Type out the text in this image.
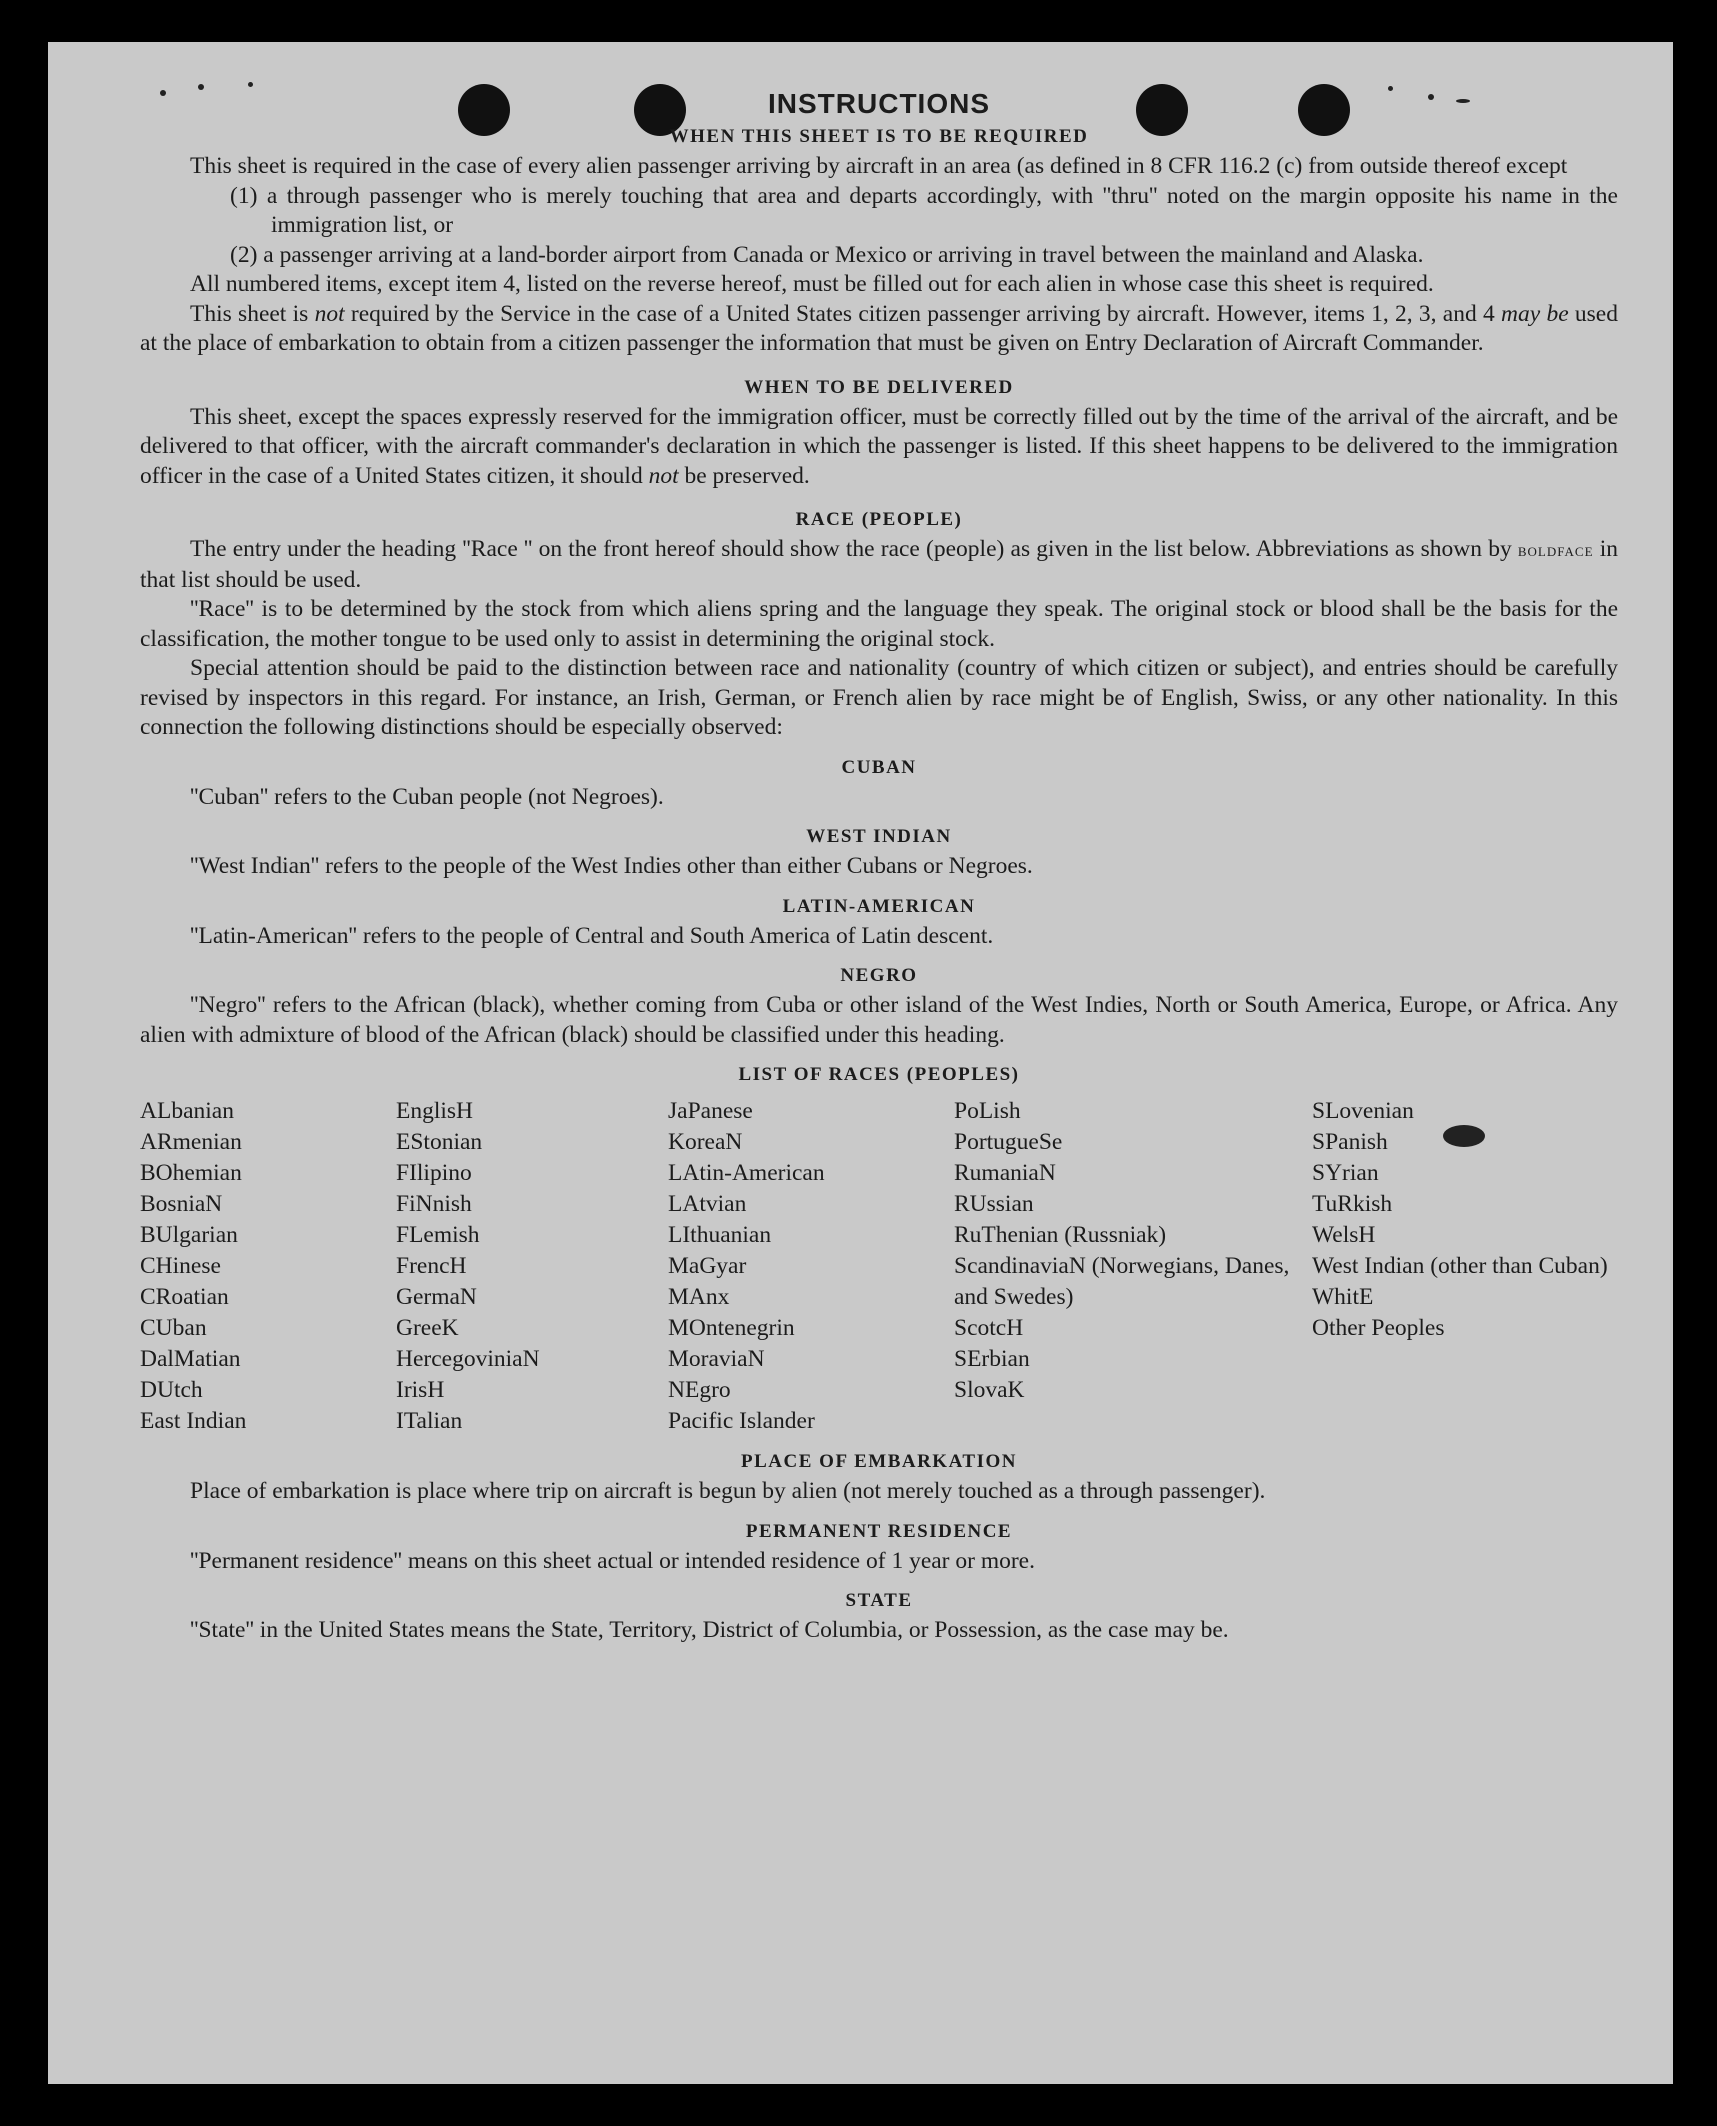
INSTRUCTIONS
WHEN THIS SHEET IS TO BE REQUIRED

This sheet is required in the case of every alien passenger arriving by aircraft in an area (as defined in 8 CFR 116.2 (c) from outside thereof except

(1) a through passenger who is merely touching that area and departs accordingly, with ''thru'' noted on the margin opposite his name in the immigration list, or

(2) a passenger arriving at a land-border airport from Canada or Mexico or arriving in travel between the mainland and Alaska.

All numbered items, except item 4, listed on the reverse hereof, must be filled out for each alien in whose case this sheet is required.

This sheet is not required by the Service in the case of a United States citizen passenger arriving by aircraft. However, items 1, 2, 3, and 4 may be used at the place of embarkation to obtain from a citizen passenger the information that must be given on Entry Declaration of Aircraft Commander.

WHEN TO BE DELIVERED

This sheet, except the spaces expressly reserved for the immigration officer, must be correctly filled out by the time of the arrival of the aircraft, and be delivered to that officer, with the aircraft commander's declaration in which the passenger is listed. If this sheet happens to be delivered to the immigration officer in the case of a United States citizen, it should not be preserved.

RACE (PEOPLE)

The entry under the heading ''Race '' on the front hereof should show the race (people) as given in the list below. Abbreviations as shown by boldface in that list should be used.

''Race'' is to be determined by the stock from which aliens spring and the language they speak. The original stock or blood shall be the basis for the classification, the mother tongue to be used only to assist in determining the original stock.

Special attention should be paid to the distinction between race and nationality (country of which citizen or subject), and entries should be carefully revised by inspectors in this regard. For instance, an Irish, German, or French alien by race might be of English, Swiss, or any other nationality. In this connection the following distinctions should be especially observed:

CUBAN

''Cuban'' refers to the Cuban people (not Negroes).

WEST INDIAN

''West Indian'' refers to the people of the West Indies other than either Cubans or Negroes.

LATIN-AMERICAN

''Latin-American'' refers to the people of Central and South America of Latin descent.

NEGRO

''Negro'' refers to the African (black), whether coming from Cuba or other island of the West Indies, North or South America, Europe, or Africa. Any alien with admixture of blood of the African (black) should be classified under this heading.

LIST OF RACES (PEOPLES)
ALbanian
ARmenian
BOhemian
BosniaN
BUlgarian
CHinese
CRoatian
CUban
DalMatian
DUtch
East Indian
EnglisH
EStonian
FIlipino
FiNnish
FLemish
FrencH
GermaN
GreeK
HercegoviniaN
IrisH
ITalian
JaPanese
KoreaN
LAtin-American
LAtvian
LIthuanian
MaGyar
MAnx
MOntenegrin
MoraviaN
NEgro
Pacific Islander
PoLish
PortugueSe
RumaniaN
RUssian
RuThenian (Russniak)
ScandinaviaN (Norwegians, Danes, and Swedes)
ScotcH
SErbian
SlovaK
SLovenian
SPanish
SYrian
TuRkish
WelsH
West Indian (other than Cuban)
WhitE
Other Peoples
PLACE OF EMBARKATION

Place of embarkation is place where trip on aircraft is begun by alien (not merely touched as a through passenger).

PERMANENT RESIDENCE

''Permanent residence'' means on this sheet actual or intended residence of 1 year or more.

STATE

''State'' in the United States means the State, Territory, District of Columbia, or Possession, as the case may be.
